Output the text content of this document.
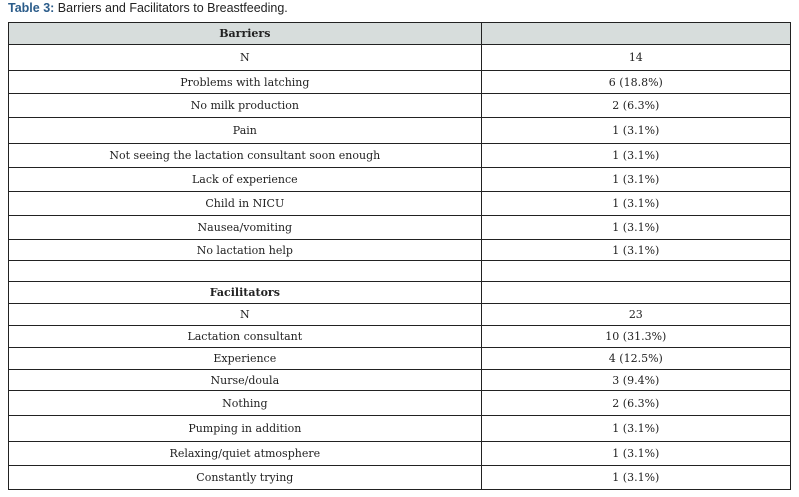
Table 3: Barriers and Facilitators to Breastfeeding.
Barriers	
N	14
Problems with latching	6 (18.8%)
No milk production	2 (6.3%)
Pain	1 (3.1%)
Not seeing the lactation consultant soon enough	1 (3.1%)
Lack of experience	1 (3.1%)
Child in NICU	1 (3.1%)
Nausea/vomiting	1 (3.1%)
No lactation help	1 (3.1%)

Facilitators	
N	23
Lactation consultant	10 (31.3%)
Experience	4 (12.5%)
Nurse/doula	3 (9.4%)
Nothing	2 (6.3%)
Pumping in addition	1 (3.1%)
Relaxing/quiet atmosphere	1 (3.1%)
Constantly trying	1 (3.1%)
